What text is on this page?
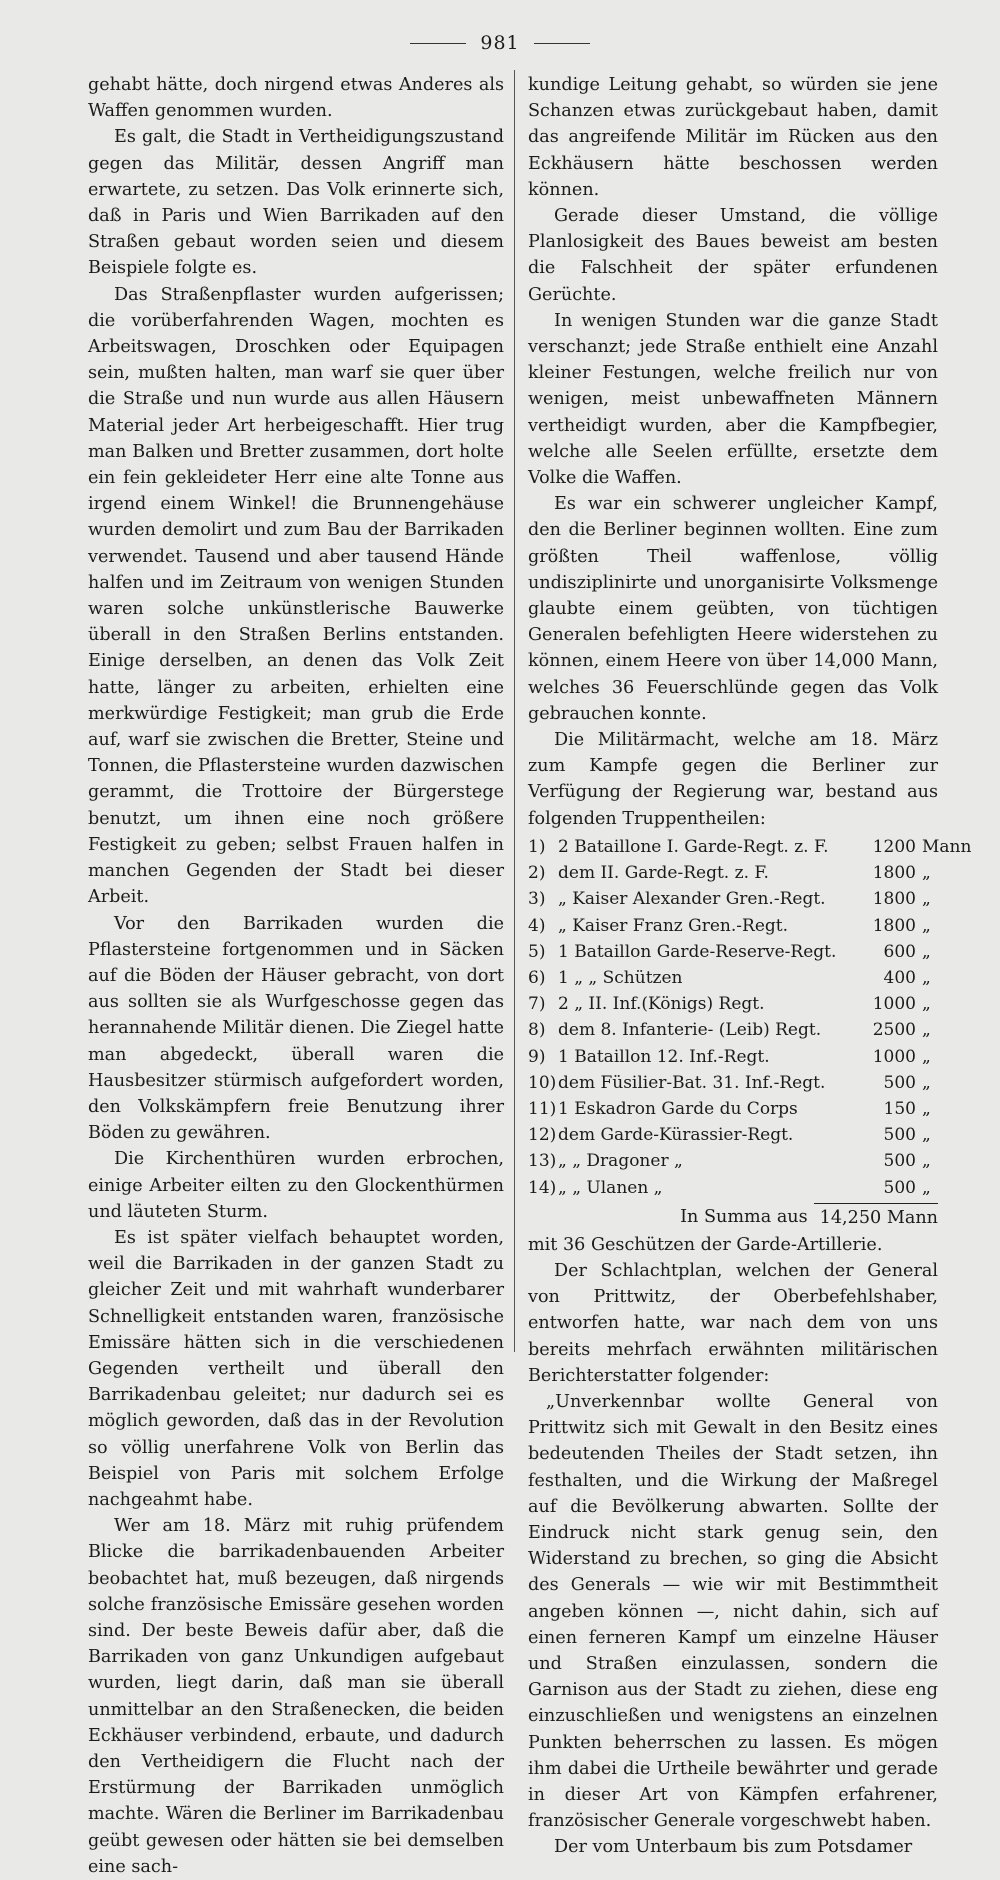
981

gehabt hätte, doch nirgend etwas Anderes als Waffen genommen wurden.

Es galt, die Stadt in Vertheidigungszustand gegen das Militär, dessen Angriff man erwartete, zu setzen. Das Volk erinnerte sich, daß in Paris und Wien Barrikaden auf den Straßen gebaut worden seien und diesem Beispiele folgte es.

Das Straßenpflaster wurden aufgerissen; die vorüberfahrenden Wagen, mochten es Arbeitswagen, Droschken oder Equipagen sein, mußten halten, man warf sie quer über die Straße und nun wurde aus allen Häusern Material jeder Art herbeigeschafft. Hier trug man Balken und Bretter zusammen, dort holte ein fein gekleideter Herr eine alte Tonne aus irgend einem Winkel! die Brunnengehäuse wurden demolirt und zum Bau der Barrikaden verwendet. Tausend und aber tausend Hände halfen und im Zeitraum von wenigen Stunden waren solche unkünstlerische Bauwerke überall in den Straßen Berlins entstanden. Einige derselben, an denen das Volk Zeit hatte, länger zu arbeiten, erhielten eine merkwürdige Festigkeit; man grub die Erde auf, warf sie zwischen die Bretter, Steine und Tonnen, die Pflastersteine wurden dazwischen gerammt, die Trottoire der Bürgerstege benutzt, um ihnen eine noch größere Festigkeit zu geben; selbst Frauen halfen in manchen Gegenden der Stadt bei dieser Arbeit.

Vor den Barrikaden wurden die Pflastersteine fortgenommen und in Säcken auf die Böden der Häuser gebracht, von dort aus sollten sie als Wurfgeschosse gegen das herannahende Militär dienen. Die Ziegel hatte man abgedeckt, überall waren die Hausbesitzer stürmisch aufgefordert worden, den Volkskämpfern freie Benutzung ihrer Böden zu gewähren.

Die Kirchenthüren wurden erbrochen, einige Arbeiter eilten zu den Glockenthürmen und läuteten Sturm.

Es ist später vielfach behauptet worden, weil die Barrikaden in der ganzen Stadt zu gleicher Zeit und mit wahrhaft wunderbarer Schnelligkeit entstanden waren, französische Emissäre hätten sich in die verschiedenen Gegenden vertheilt und überall den Barrikadenbau geleitet; nur dadurch sei es möglich geworden, daß das in der Revolution so völlig unerfahrene Volk von Berlin das Beispiel von Paris mit solchem Erfolge nachgeahmt habe.

Wer am 18. März mit ruhig prüfendem Blicke die barrikadenbauenden Arbeiter beobachtet hat, muß bezeugen, daß nirgends solche französische Emissäre gesehen worden sind. Der beste Beweis dafür aber, daß die Barrikaden von ganz Unkundigen aufgebaut wurden, liegt darin, daß man sie überall unmittelbar an den Straßenecken, die beiden Eckhäuser verbindend, erbaute, und dadurch den Vertheidigern die Flucht nach der Erstürmung der Barrikaden unmöglich machte. Wären die Berliner im Barrikadenbau geübt gewesen oder hätten sie bei demselben eine sach-

kundige Leitung gehabt, so würden sie jene Schanzen etwas zurückgebaut haben, damit das angreifende Militär im Rücken aus den Eckhäusern hätte beschossen werden können.

Gerade dieser Umstand, die völlige Planlosigkeit des Baues beweist am besten die Falschheit der später erfundenen Gerüchte.

In wenigen Stunden war die ganze Stadt verschanzt; jede Straße enthielt eine Anzahl kleiner Festungen, welche freilich nur von wenigen, meist unbewaffneten Männern vertheidigt wurden, aber die Kampfbegier, welche alle Seelen erfüllte, ersetzte dem Volke die Waffen.

Es war ein schwerer ungleicher Kampf, den die Berliner beginnen wollten. Eine zum größten Theil waffenlose, völlig undisziplinirte und unorganisirte Volksmenge glaubte einem geübten, von tüchtigen Generalen befehligten Heere widerstehen zu können, einem Heere von über 14,000 Mann, welches 36 Feuerschlünde gegen das Volk gebrauchen konnte.

Die Militärmacht, welche am 18. März zum Kampfe gegen die Berliner zur Verfügung der Regierung war, bestand aus folgenden Truppentheilen:

1) 2 Bataillone I. Garde-Regt. z. F.	1200 Mann
2) dem II. Garde-Regt. z. F.	1800 „
3) „ Kaiser Alexander Gren.-Regt.	1800 „
4) „ Kaiser Franz Gren.-Regt.	1800 „
5) 1 Bataillon Garde-Reserve-Regt.	600 „
6) 1 „ „ Schützen	400 „
7) 2 „ II. Inf.(Königs) Regt.	1000 „
8) dem 8. Infanterie- (Leib) Regt.	2500 „
9) 1 Bataillon 12. Inf.-Regt.	1000 „
10) dem Füsilier-Bat. 31. Inf.-Regt.	500 „
11) 1 Eskadron Garde du Corps	150 „
12) dem Garde-Kürassier-Regt.	500 „
13) „ „ Dragoner „	500 „
14) „ „ Ulanen „	500 „
In Summa aus 14,250 Mann

mit 36 Geschützen der Garde-Artillerie.

Der Schlachtplan, welchen der General von Prittwitz, der Oberbefehlshaber, entworfen hatte, war nach dem von uns bereits mehrfach erwähnten militärischen Berichterstatter folgender:

„Unverkennbar wollte General von Prittwitz sich mit Gewalt in den Besitz eines bedeutenden Theiles der Stadt setzen, ihn festhalten, und die Wirkung der Maßregel auf die Bevölkerung abwarten. Sollte der Eindruck nicht stark genug sein, den Widerstand zu brechen, so ging die Absicht des Generals — wie wir mit Bestimmtheit angeben können —, nicht dahin, sich auf einen ferneren Kampf um einzelne Häuser und Straßen einzulassen, sondern die Garnison aus der Stadt zu ziehen, diese eng einzuschließen und wenigstens an einzelnen Punkten beherrschen zu lassen. Es mögen ihm dabei die Urtheile bewährter und gerade in dieser Art von Kämpfen erfahrener, französischer Generale vorgeschwebt haben.

Der vom Unterbaum bis zum Potsdamer
